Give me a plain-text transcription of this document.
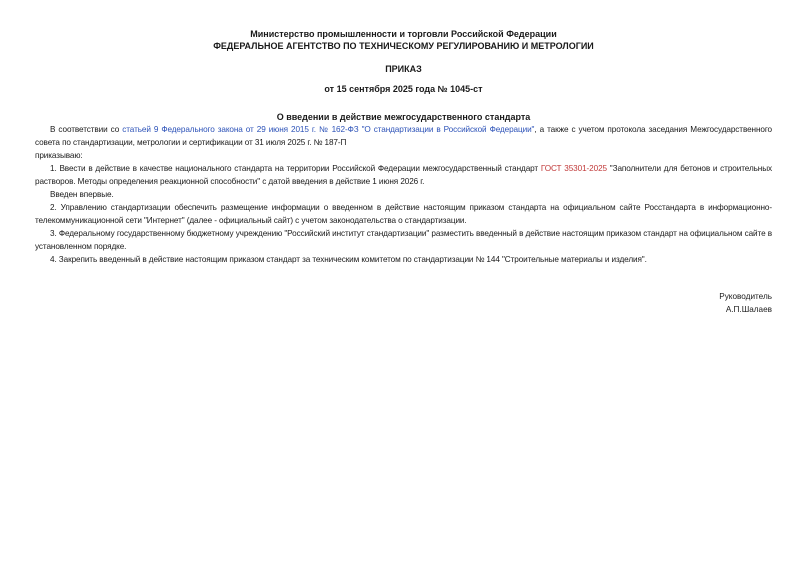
Министерство промышленности и торговли Российской Федерации
ФЕДЕРАЛЬНОЕ АГЕНТСТВО ПО ТЕХНИЧЕСКОМУ РЕГУЛИРОВАНИЮ И МЕТРОЛОГИИ
ПРИКАЗ
от 15 сентября 2025 года № 1045-ст
О введении в действие межгосударственного стандарта

В соответствии со статьей 9 Федерального закона от 29 июня 2015 г. № 162-ФЗ "О стандартизации в Российской Федерации", а также с учетом протокола заседания Межгосударственного совета по стандартизации, метрологии и сертификации от 31 июля 2025 г. № 187-П

приказываю:

1. Ввести в действие в качестве национального стандарта на территории Российской Федерации межгосударственный стандарт ГОСТ 35301-2025 "Заполнители для бетонов и строительных растворов. Методы определения реакционной способности" с датой введения в действие 1 июня 2026 г.

Введен впервые.

2. Управлению стандартизации обеспечить размещение информации о введенном в действие настоящим приказом стандарта на официальном сайте Росстандарта в информационно-телекоммуникационной сети "Интернет" (далее - официальный сайт) с учетом законодательства о стандартизации.

3. Федеральному государственному бюджетному учреждению "Российский институт стандартизации" разместить введенный в действие настоящим приказом стандарт на официальном сайте в установленном порядке.

4. Закрепить введенный в действие настоящим приказом стандарт за техническим комитетом по стандартизации № 144 "Строительные материалы и изделия".

Руководитель
А.П.Шалаев
